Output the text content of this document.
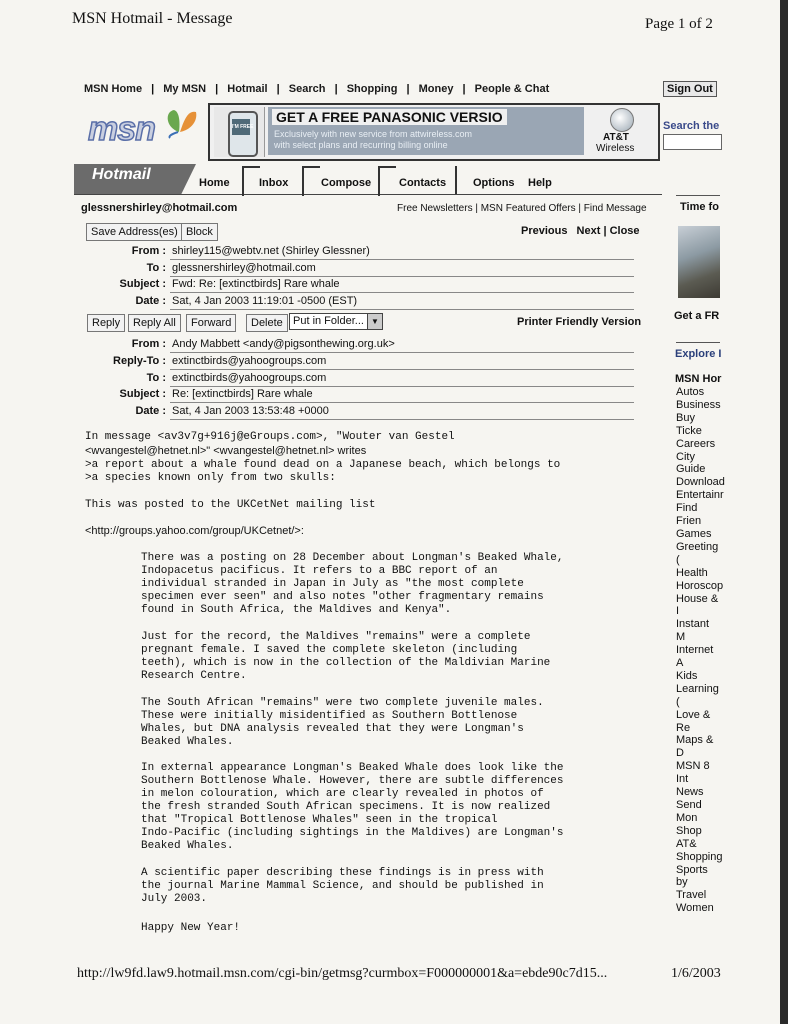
MSN Hotmail - Message	Page 1 of 2
MSN Home | My MSN | Hotmail | Search | Shopping | Money | People & Chat	Sign Out
Search the
msn	I'M FREE
GET A FREE PANASONIC VERSIO
Exclusively with new service from attwireless.com
with select plans and recurring billing online
AT&T
Wireless
Hotmail	Home	Inbox	Compose	Contacts Options Help
glessnershirley@hotmail.com	Free Newsletters | MSN Featured Offers | Find Message
Save Address(es) Block	Previous Next | Close
From : shirley115@webtv.net (Shirley Glessner)
To : glessnershirley@hotmail.com
Subject : Fwd: Re: [extinctbirds] Rare whale
Date : Sat, 4 Jan 2003 11:19:01 -0500 (EST)
Reply	Reply All	Forward	Delete Put in Folder... ▼	Printer Friendly Version
From : Andy Mabbett <andy@pigsonthewing.org.uk>
Reply-To : extinctbirds@yahoogroups.com
To : extinctbirds@yahoogroups.com
Subject : Re: [extinctbirds] Rare whale
Date : Sat, 4 Jan 2003 13:53:48 +0000
In message <av3v7g+916j@eGroups.com>, "Wouter van Gestel
<wvangestel@hetnet.nl>" <wvangestel@hetnet.nl> writes
>a report about a whale found dead on a Japanese beach, which belongs to
>a species known only from two skulls:
This was posted to the UKCetNet mailing list
<http://groups.yahoo.com/group/UKCetnet/>:
There was a posting on 28 December about Longman's Beaked Whale,
Indopacetus pacificus. It refers to a BBC report of an
individual stranded in Japan in July as "the most complete
specimen ever seen" and also notes "other fragmentary remains
found in South Africa, the Maldives and Kenya".
Just for the record, the Maldives "remains" were a complete
pregnant female. I saved the complete skeleton (including
teeth), which is now in the collection of the Maldivian Marine
Research Centre.
The South African "remains" were two complete juvenile males.
These were initially misidentified as Southern Bottlenose
Whales, but DNA analysis revealed that they were Longman's
Beaked Whales.
In external appearance Longman's Beaked Whale does look like the
Southern Bottlenose Whale. However, there are subtle differences
in melon colouration, which are clearly revealed in photos of
the fresh stranded South African specimens. It is now realized
that "Tropical Bottlenose Whales" seen in the tropical
Indo-Pacific (including sightings in the Maldives) are Longman's
Beaked Whales.
A scientific paper describing these findings is in press with
the journal Marine Mammal Science, and should be published in
July 2003.
Happy New Year!
Time fo
Get a FR
Explore I
MSN Hor
Autos
Business
Buy Ticke
Careers
City Guide
Download
Entertainr
Find Frien
Games
Greeting (
Health
Horoscop
House & I
Instant M
Internet A
Kids
Learning (
Love & Re
Maps & D
MSN 8 Int
News
Send Mon
Shop AT&
Shopping
Sports by
Travel
Women
http://lw9fd.law9.hotmail.msn.com/cgi-bin/getmsg?curmbox=F000000001&a=ebde90c7d15...	1/6/2003
